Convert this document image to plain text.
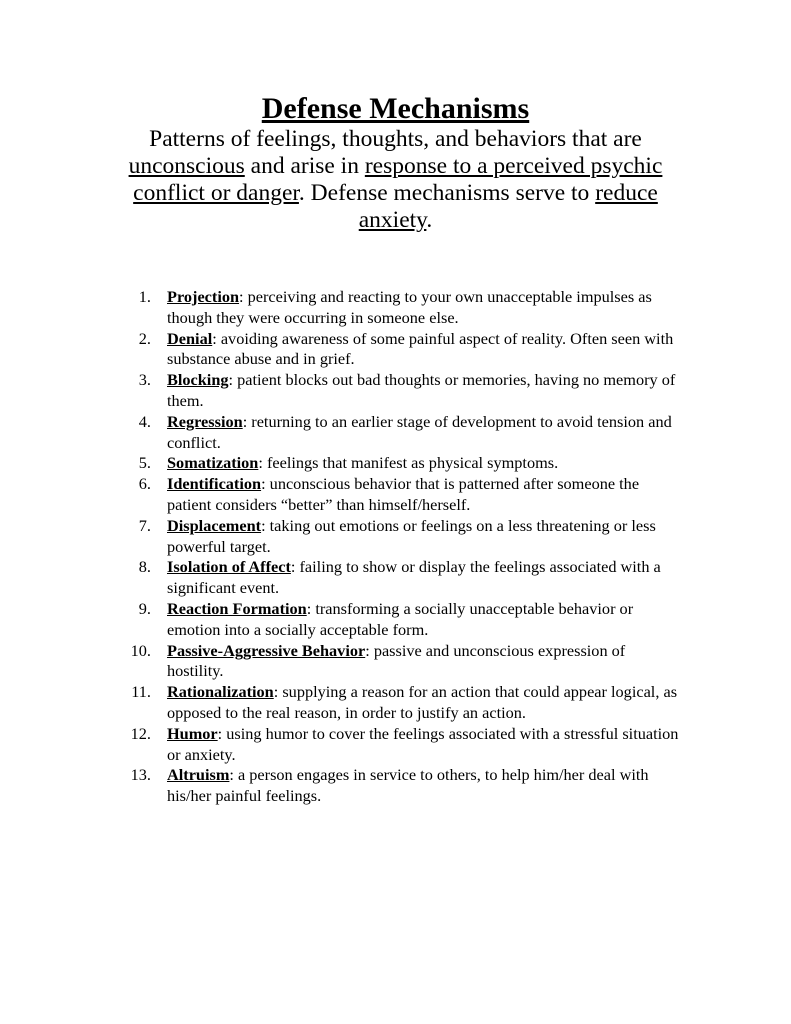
Defense Mechanisms

Patterns of feelings, thoughts, and behaviors that are unconscious and arise in response to a perceived psychic conflict or danger. Defense mechanisms serve to reduce anxiety.

1. Projection: perceiving and reacting to your own unacceptable impulses as though they were occurring in someone else.
2. Denial: avoiding awareness of some painful aspect of reality. Often seen with substance abuse and in grief.
3. Blocking: patient blocks out bad thoughts or memories, having no memory of them.
4. Regression: returning to an earlier stage of development to avoid tension and conflict.
5. Somatization: feelings that manifest as physical symptoms.
6. Identification: unconscious behavior that is patterned after someone the patient considers “better” than himself/herself.
7. Displacement: taking out emotions or feelings on a less threatening or less powerful target.
8. Isolation of Affect: failing to show or display the feelings associated with a significant event.
9. Reaction Formation: transforming a socially unacceptable behavior or emotion into a socially acceptable form.
10. Passive-Aggressive Behavior: passive and unconscious expression of hostility.
11. Rationalization: supplying a reason for an action that could appear logical, as opposed to the real reason, in order to justify an action.
12. Humor: using humor to cover the feelings associated with a stressful situation or anxiety.
13. Altruism: a person engages in service to others, to help him/her deal with his/her painful feelings.
